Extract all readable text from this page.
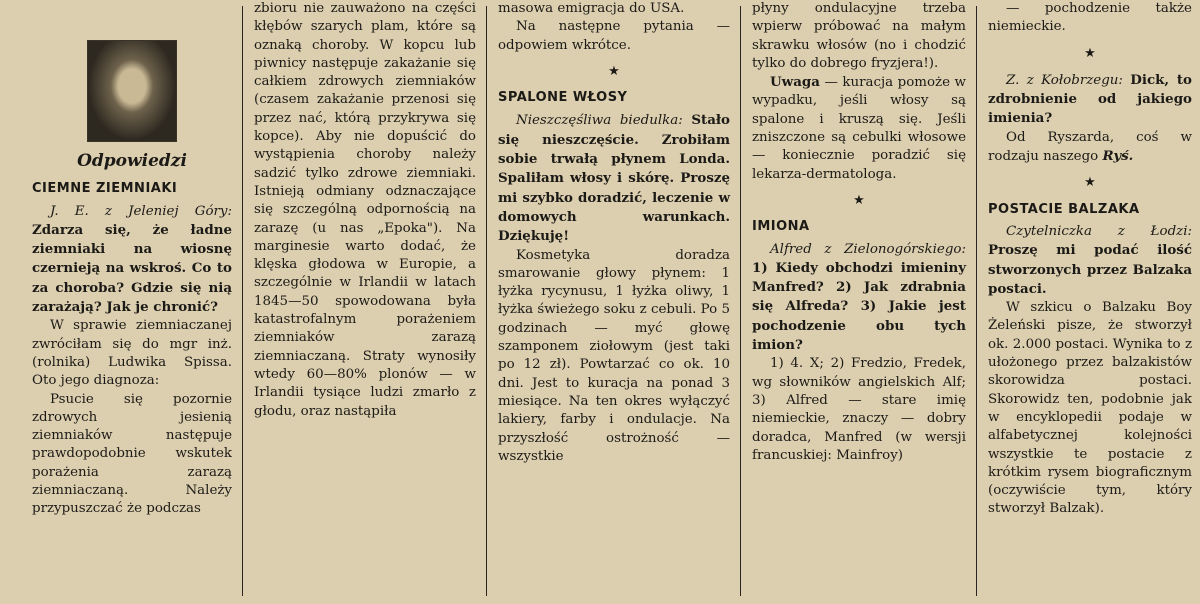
Odpowiedzi
CIEMNE ZIEMNIAKI

J. E. z Jeleniej Góry: Zdarza się, że ładne ziemniaki na wiosnę czernieją na wskroś. Co to za choroba? Gdzie się nią zarażają? Jak je chronić?

W sprawie ziemniaczanej zwróciłam się do mgr inż. (rolnika) Ludwika Spissa. Oto jego diagnoza:

Psucie się pozornie zdrowych jesienią ziemniaków następuje prawdopodobnie wskutek porażenia zarazą ziemniaczaną. Należy przypuszczać że podczas

zbioru nie zauważono na części kłębów szarych plam, które są oznaką choroby. W kopcu lub piwnicy następuje zakażanie się całkiem zdrowych ziemniaków (czasem zakażanie przenosi się przez nać, którą przykrywa się kopce). Aby nie dopuścić do wystąpienia choroby należy sadzić tylko zdrowe ziemniaki. Istnieją odmiany odznaczające się szczególną odpornością na zarazę (u nas „Epoka"). Na marginesie warto dodać, że klęska głodowa w Europie, a szczególnie w Irlandii w latach 1845—50 spowodowana była katastrofalnym porażeniem ziemniaków zarazą ziemniaczaną. Straty wynosiły wtedy 60—80% plonów — w Irlandii tysiące ludzi zmarło z głodu, oraz nastąpiła

masowa emigracja do USA.

Na następne pytania — odpowiem wkrótce.

★
SPALONE WŁOSY

Nieszczęśliwa biedulka: Stało się nieszczęście. Zrobiłam sobie trwałą płynem Londa. Spaliłam włosy i skórę. Proszę mi szybko doradzić, leczenie w domowych warunkach. Dziękuję!

Kosmetyka doradza smarowanie głowy płynem: 1 łyżka rycynusu, 1 łyżka oliwy, 1 łyżka świeżego soku z cebuli. Po 5 godzinach — myć głowę szamponem ziołowym (jest taki po 12 zł). Powtarzać co ok. 10 dni. Jest to kuracja na ponad 3 miesiące. Na ten okres wyłączyć lakiery, farby i ondulacje. Na przyszłość ostrożność — wszystkie

płyny ondulacyjne trzeba wpierw próbować na małym skrawku włosów (no i chodzić tylko do dobrego fryzjera!).

Uwaga — kuracja pomoże w wypadku, jeśli włosy są spalone i kruszą się. Jeśli zniszczone są cebulki włosowe — koniecznie poradzić się lekarza-dermatologa.

★
IMIONA

Alfred z Zielonogórskiego: 1) Kiedy obchodzi imieniny Manfred? 2) Jak zdrabnia się Alfreda? 3) Jakie jest pochodzenie obu tych imion?

1) 4. X; 2) Fredzio, Fredek, wg słowników angielskich Alf; 3) Alfred — stare imię niemieckie, znaczy — dobry doradca, Manfred (w wersji francuskiej: Mainfroy)

— pochodzenie także niemieckie.

★

Z. z Kołobrzegu: Dick, to zdrobnienie od jakiego imienia?

Od Ryszarda, coś w rodzaju naszego Ryś.

★
POSTACIE BALZAKA

Czytelniczka z Łodzi: Proszę mi podać ilość stworzonych przez Balzaka postaci.

W szkicu o Balzaku Boy Żeleński pisze, że stworzył ok. 2.000 postaci. Wynika to z ułożonego przez balzakistów skorowidza postaci. Skorowidz ten, podobnie jak w encyklopedii podaje w alfabetycznej kolejności wszystkie te postacie z krótkim rysem biograficznym (oczywiście tym, który stworzył Balzak).
